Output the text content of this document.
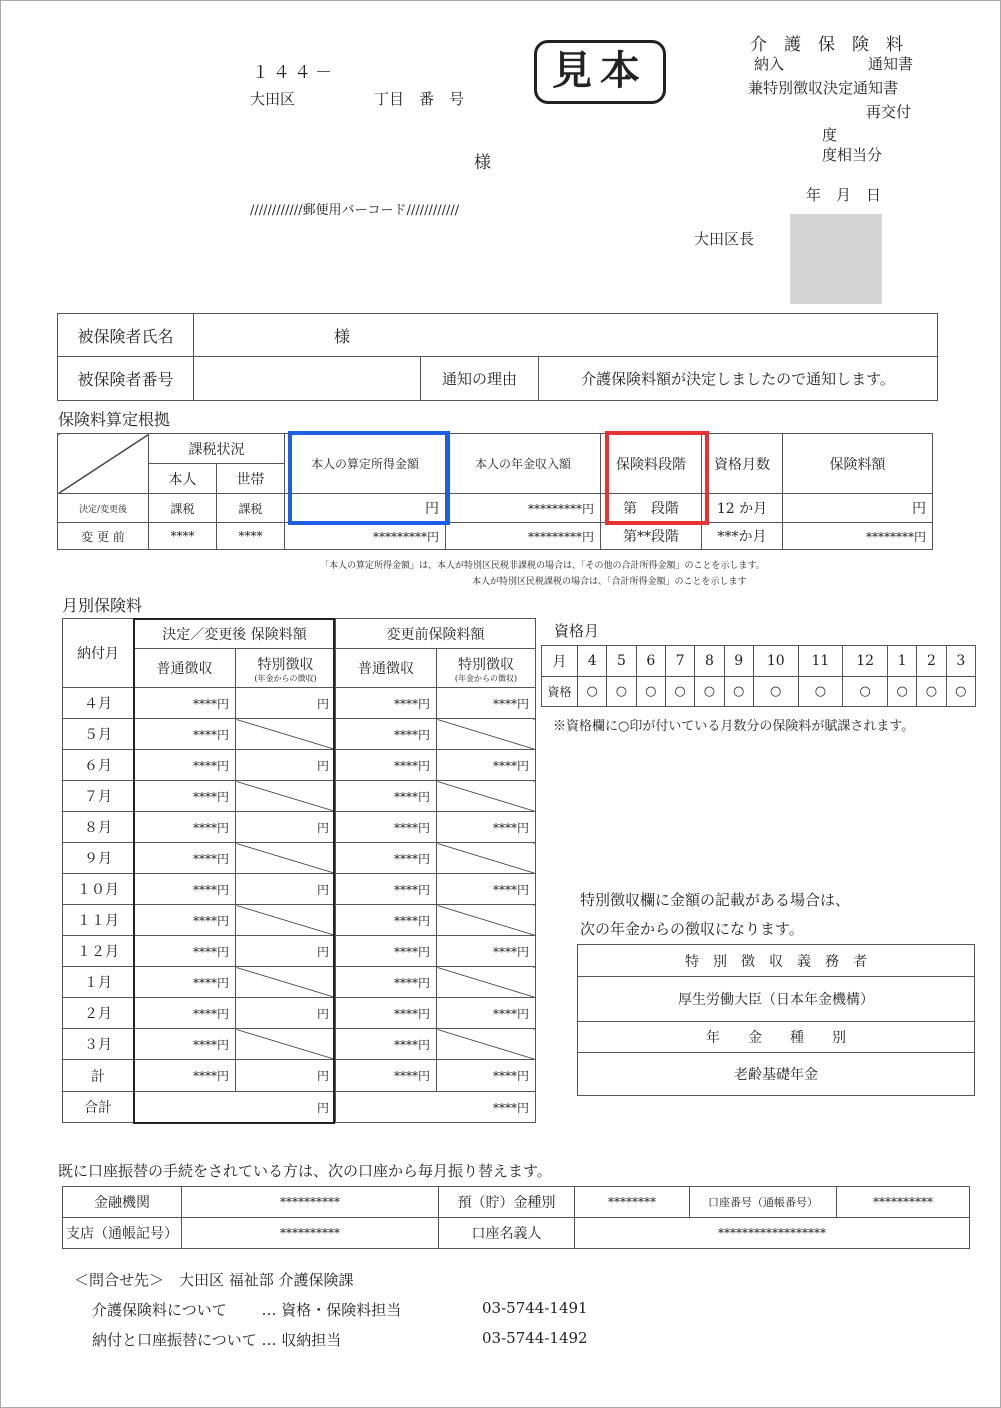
１４４－
大田区	丁目　番　号
様
////////////郵便用バーコード////////////
見本
介　護　保　険　料
納入	通知書
兼特別徴収決定通知書
再交付
度
度相当分
年　月　日
大田区長
被保険者氏名	様		
被保険者番号		通知の理由	介護保険料額が決定しましたので通知します。
保険料算定根拠
	課税状況		本人の算定所得金額	本人の年金収入額	保険料段階	資格月数	保険料額
	本人	世帯					
決定/変更後	課税	課税	円	*********円	第　段階	12 か月	円
変 更 前	****	****	*********円	*********円	第**段階	***か月	********円
「本人の算定所得金額」は、本人が特別区民税非課税の場合は、「その他の合計所得金額」のことを示します。
本人が特別区民税課税の場合は、「合計所得金額」のことを示します
月別保険料
納付月	決定／変更後 保険料額		変更前保険料額	
	普通徴収	特別徴収
(年金からの徴収)	普通徴収	特別徴収
(年金からの徴収)

４月	****円	円	****円	****円
５月	****円		****円	
６月	****円	円	****円	****円
７月	****円		****円	
８月	****円	円	****円	****円
９月	****円		****円	
１０月	****円	円	****円	****円
１１月	****円		****円	
１２月	****円	円	****円	****円
１月	****円		****円	
２月	****円	円	****円	****円
３月	****円		****円	
計	****円	円	****円	****円
合計	円		****円	
資格月
月	4	5	6	7	8	9	10	11	12	1	2	3
資格	○	○	○	○	○	○	○	○	○	○	○	○
※資格欄に○印が付いている月数分の保険料が賦課されます。
特別徴収欄に金額の記載がある場合は、
次の年金からの徴収になります。
特　別　徴　収　義　務　者
厚生労働大臣（日本年金機構）
年　　金　　種　　別
老齢基礎年金
既に口座振替の手続をされている方は、次の口座から毎月振り替えます。
金融機関	**********	預（貯）金種別	********	口座番号（通帳番号）	**********
支店（通帳記号）	**********	口座名義人	******************		
＜問合せ先＞　大田区 福祉部 介護保険課
介護保険料について　　 … 資格・保険料担当	03-5744-1491
納付と口座振替について … 収納担当	03-5744-1492
